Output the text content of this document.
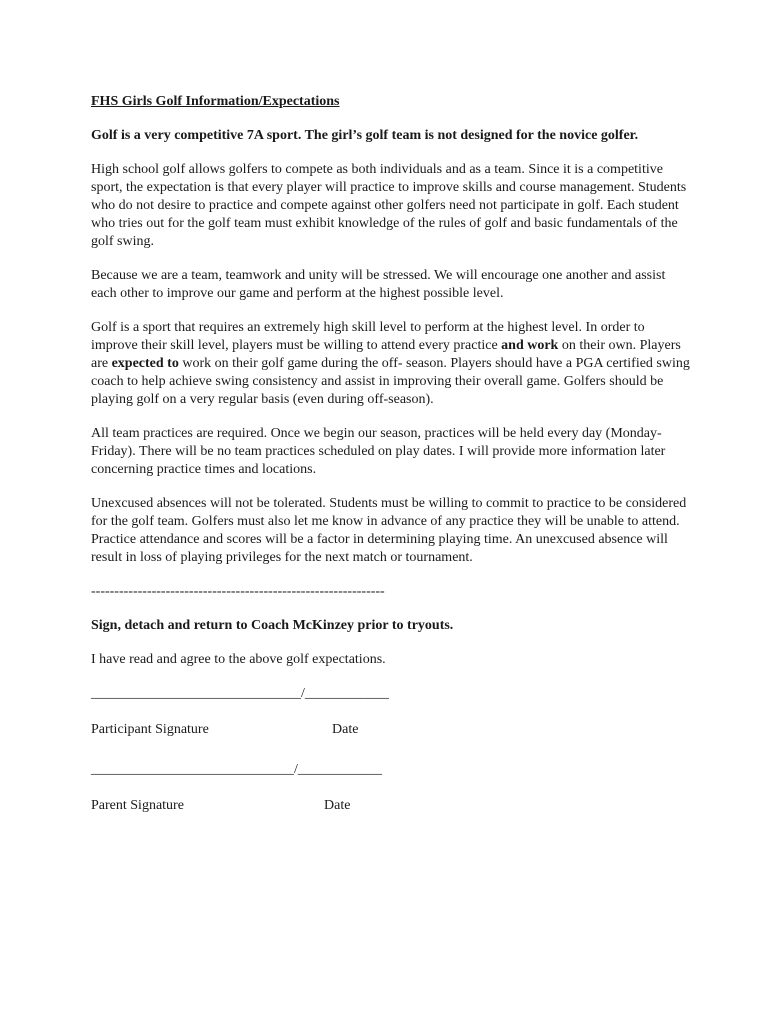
FHS Girls Golf Information/Expectations
Golf is a very competitive 7A sport. The girl’s golf team is not designed for the novice golfer.

High school golf allows golfers to compete as both individuals and as a team. Since it is a competitive sport, the expectation is that every player will practice to improve skills and course management. Students who do not desire to practice and compete against other golfers need not participate in golf. Each student who tries out for the golf team must exhibit knowledge of the rules of golf and basic fundamentals of the golf swing.

Because we are a team, teamwork and unity will be stressed. We will encourage one another and assist each other to improve our game and perform at the highest possible level.

Golf is a sport that requires an extremely high skill level to perform at the highest level. In order to improve their skill level, players must be willing to attend every practice and work on their own. Players are expected to work on their golf game during the off- season. Players should have a PGA certified swing coach to help achieve swing consistency and assist in improving their overall game. Golfers should be playing golf on a very regular basis (even during off-season).

All team practices are required. Once we begin our season, practices will be held every day (Monday-Friday). There will be no team practices scheduled on play dates. I will provide more information later concerning practice times and locations.

Unexcused absences will not be tolerated. Students must be willing to commit to practice to be considered for the golf team. Golfers must also let me know in advance of any practice they will be unable to attend. Practice attendance and scores will be a factor in determining playing time. An unexcused absence will result in loss of playing privileges for the next match or tournament.

---------------------------------------------------------------
Sign, detach and return to Coach McKinzey prior to tryouts.

I have read and agree to the above golf expectations.

______________________________/____________
Participant Signature	Date
_____________________________/____________
Parent Signature	Date
